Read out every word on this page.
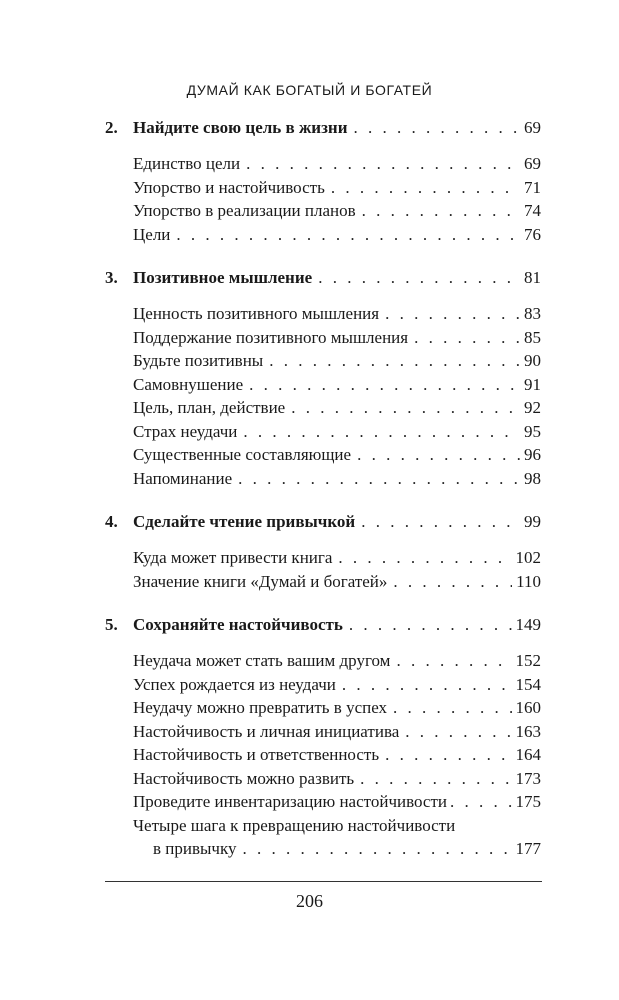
ДУМАЙ КАК БОГАТЫЙ И БОГАТЕЙ
2. Найдите свою цель в жизни . . .	69
Единство цели . . .	69
Упорство и настойчивость . . .	71
Упорство в реализации планов . . .	74
Цели . . .	76
3. Позитивное мышление . . .	81
Ценность позитивного мышления . . .	83
Поддержание позитивного мышления . . .	85
Будьте позитивны . . .	90
Самовнушение . . .	91
Цель, план, действие . . .	92
Страх неудачи . . .	95
Существенные составляющие . . .	96
Напоминание . . .	98
4. Сделайте чтение привычкой . . .	99
Куда может привести книга . . .	102
Значение книги «Думай и богатей» . . .	110
5. Сохраняйте настойчивость . . .	149
Неудача может стать вашим другом . . .	152
Успех рождается из неудачи . . .	154
Неудачу можно превратить в успех . . .	160
Настойчивость и личная инициатива . . .	163
Настойчивость и ответственность . . .	164
Настойчивость можно развить . . .	173
Проведите инвентаризацию настойчивости . . .	175
Четыре шага к превращению настойчивости
в привычку . . .	177
206
